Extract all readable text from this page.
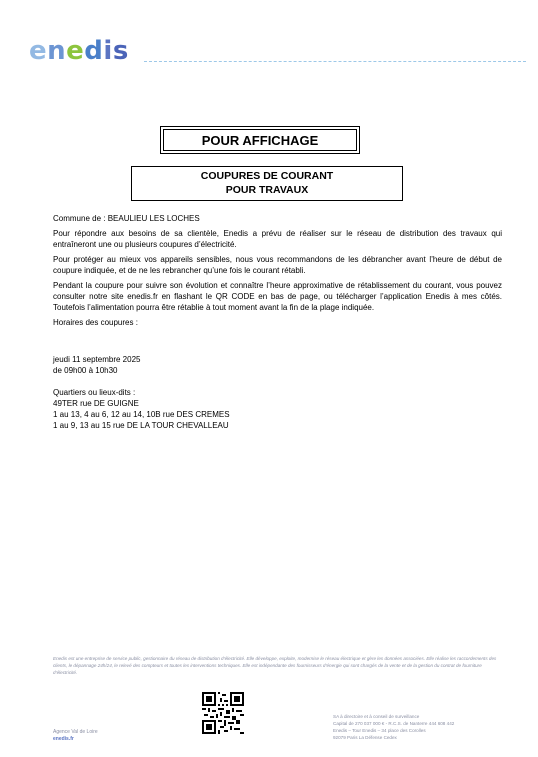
enedis
POUR AFFICHAGE
COUPURES DE COURANT
POUR TRAVAUX

Commune de : BEAULIEU LES LOCHES

Pour répondre aux besoins de sa clientèle, Enedis a prévu de réaliser sur le réseau de distribution des travaux qui entraîneront une ou plusieurs coupures d’électricité.

Pour protéger au mieux vos appareils sensibles, nous vous recommandons de les débrancher avant l’heure de début de coupure indiquée, et de ne les rebrancher qu’une fois le courant rétabli.

Pendant la coupure pour suivre son évolution et connaître l’heure approximative de rétablissement du courant, vous pouvez consulter notre site enedis.fr en flashant le QR CODE en bas de page, ou télécharger l’application Enedis à mes côtés. Toutefois l’alimentation pourra être rétablie à tout moment avant la fin de la plage indiquée.

Horaires des coupures :

jeudi 11 septembre 2025

de 09h00 à 10h30

Quartiers ou lieux-dits :

49TER rue DE GUIGNE

1 au 13, 4 au 6, 12 au 14, 10B rue DES CREMES

1 au 9, 13 au 15 rue DE LA TOUR CHEVALLEAU

Enedis est une entreprise de service public, gestionnaire du réseau de distribution d’électricité. Elle développe, exploite, modernise le réseau électrique et gère les données associées. Elle réalise les raccordements des clients, le dépannage 24h/24, le relevé des compteurs et toutes les interventions techniques. Elle est indépendante des fournisseurs d’énergie qui sont chargés de la vente et de la gestion du contrat de fourniture d’électricité.
Agence Val de Loire
enedis.fr
SA à directoire et à conseil de surveillance
Capital de 270 037 000 € - R.C.S. de Nanterre 444 608 442
Enedis – Tour Enedis – 34 place des Corolles
92079 Paris La Défense Cedex
